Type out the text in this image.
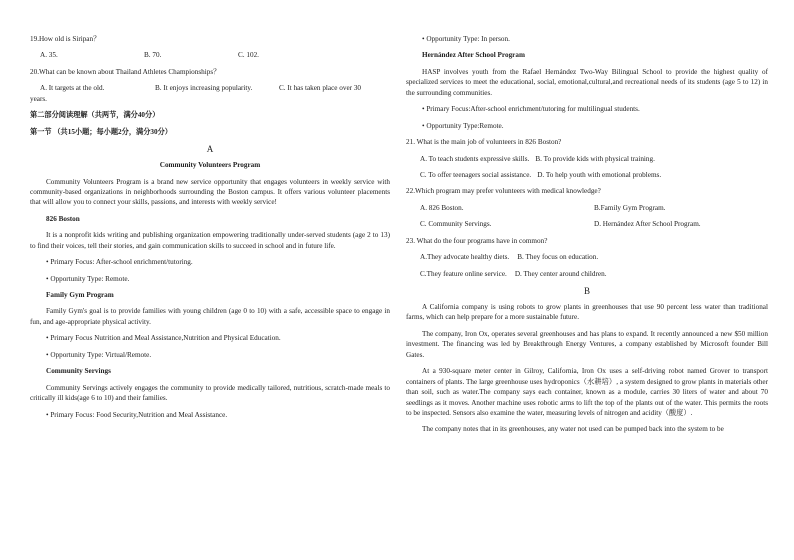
19.How old is Siripan？

A. 35.	B. 70.	C. 102.

20.What can be known about Thailand Athletes Championships？

A. It targets at the old.	B. It enjoys increasing popularity.	C. It has taken place over 30

years.

第二部分阅读理解（共两节，满分40分）

第一节 （共15小题；每小题2分，满分30分）

A

Community Volunteers Program

Community Volunteers Program is a brand new service opportunity that engages volunteers in weekly service with community-based organizations in neighborhoods surrounding the Boston campus. It offers various volunteer placements that will allow you to connect your skills, passions, and interests with weekly service!

826 Boston

It is a nonprofit kids writing and publishing organization empowering traditionally under-served students (age 2 to 13) to find their voices, tell their stories, and gain communication skills to succeed in school and in future life.

• Primary Focus: After-school enrichment/tutoring.

• Opportunity Type: Remote.

Family Gym Program

Family Gym's goal is to provide families with young children (age 0 to 10) with a safe, accessible space to engage in fun, and age-appropriate physical activity.

• Primary Focus Nutrition and Meal Assistance,Nutrition and Physical Education.

• Opportunity Type: Virtual/Remote.

Community Servings

Community Servings actively engages the community to provide medically tailored, nutritious, scratch-made meals to critically ill kids(age 6 to 10) and their families.

• Primary Focus: Food Security,Nutrition and Meal Assistance.

• Opportunity Type: In person.

Hernández After School Program

HASP involves youth from the Rafael Hernández Two-Way Bilingual School to provide the highest quality of specialized services to meet the educational, social, emotional,cultural,and recreational needs of its students (age 5 to 12) in the surrounding communities.

• Primary Focus:After-school enrichment/tutoring for multilingual students.

• Opportunity Type:Remote.

21. What is the main job of volunteers in 826 Boston?

A. To teach students expressive skills. B. To provide kids with physical training.
C. To offer teenagers social assistance. D. To help youth with emotional problems.

22.Which program may prefer volunteers with medical knowledge?

A. 826 Boston.	B.Family Gym Program.
C. Community Servings.	D. Hernández After School Program.

23. What do the four programs have in common?

A.They advocate healthy diets. B. They focus on education.
C.They feature online service. D. They center around children.
B

A California company is using robots to grow plants in greenhouses that use 90 percent less water than traditional farms, which can help prepare for a more sustainable future.

The company, Iron Ox, operates several greenhouses and has plans to expand. It recently announced a new $50 million investment. The financing was led by Breakthrough Energy Ventures, a company established by Microsoft founder Bill Gates.

At a 930-square meter center in Gilroy, California, Iron Ox uses a self-driving robot named Grover to transport containers of plants. The large greenhouse uses hydroponics（水耕培）, a system designed to grow plants in materials other than soil, such as water.The company says each container, known as a module, carries 30 liters of water and about 70 seedlings as it moves. Another machine uses robotic arms to lift the top of the plants out of the water. This permits the roots to be inspected. Sensors also examine the water, measuring levels of nitrogen and acidity（酸度）.

The company notes that in its greenhouses, any water not used can be pumped back into the system to be
